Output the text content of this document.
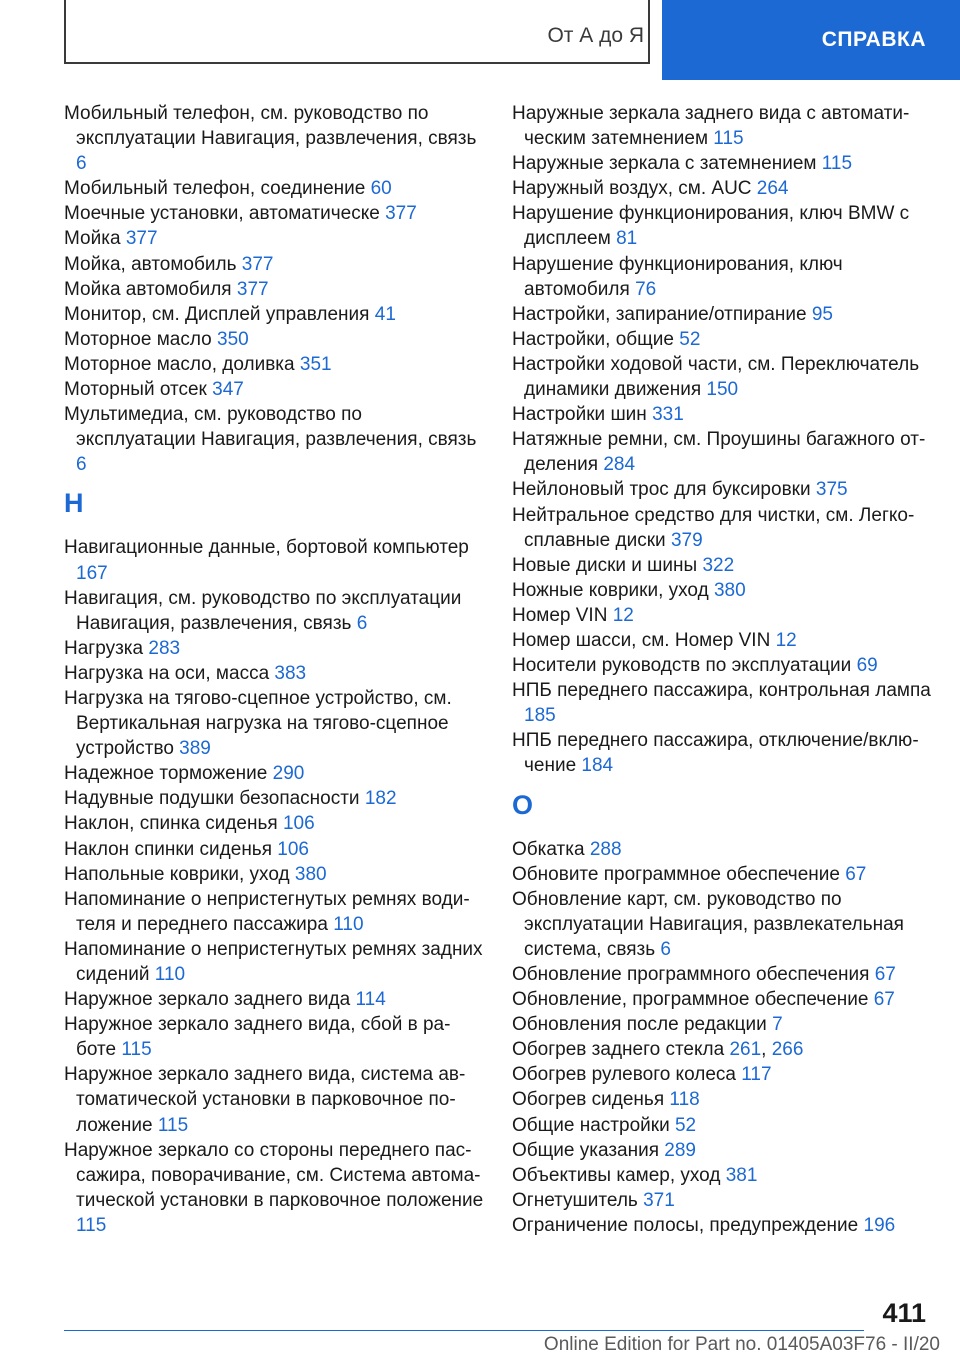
От А до Я	СПРАВКА
Мобильный телефон, см. руководство по эксплуатации Навигация, развлечения, связь 6
Мобильный телефон, соединение 60
Моечные установки, автоматическе 377
Мойка 377
Мойка, автомобиль 377
Мойка автомобиля 377
Монитор, см. Дисплей управления 41
Моторное масло 350
Моторное масло, доливка 351
Моторный отсек 347
Мультимедиа, см. руководство по эксплуатации Навигация, развлечения, связь 6
Н
Навигационные данные, бортовой компьютер 167
Навигация, см. руководство по эксплуатации Навигация, развлечения, связь 6
Нагрузка 283
Нагрузка на оси, масса 383
Нагрузка на тягово-сцепное устройство, см. Вертикальная нагрузка на тягово-сцепное устройство 389
Надежное торможение 290
Надувные подушки безопасности 182
Наклон, спинка сиденья 106
Наклон спинки сиденья 106
Напольные коврики, уход 380
Напоминание о непристегнутых ремнях водителя и переднего пассажира 110
Напоминание о непристегнутых ремнях задних сидений 110
Наружное зеркало заднего вида 114
Наружное зеркало заднего вида, сбой в работе 115
Наружное зеркало заднего вида, система автоматической установки в парковочное положение 115
Наружное зеркало со стороны переднего пассажира, поворачивание, см. Система автоматической установки в парковочное положение 115
Наружные зеркала заднего вида с автоматическим затемнением 115
Наружные зеркала с затемнением 115
Наружный воздух, см. AUC 264
Нарушение функционирования, ключ BMW с дисплеем 81
Нарушение функционирования, ключ автомобиля 76
Настройки, запирание/отпирание 95
Настройки, общие 52
Настройки ходовой части, см. Переключатель динамики движения 150
Настройки шин 331
Натяжные ремни, см. Проушины багажного отделения 284
Нейлоновый трос для буксировки 375
Нейтральное средство для чистки, см. Легкосплавные диски 379
Новые диски и шины 322
Ножные коврики, уход 380
Номер VIN 12
Номер шасси, см. Номер VIN 12
Носители руководств по эксплуатации 69
НПБ переднего пассажира, контрольная лампа 185
НПБ переднего пассажира, отключение/включение 184
О
Обкатка 288
Обновите программное обеспечение 67
Обновление карт, см. руководство по эксплуатации Навигация, развлекательная система, связь 6
Обновление программного обеспечения 67
Обновление, программное обеспечение 67
Обновления после редакции 7
Обогрев заднего стекла 261, 266
Обогрев рулевого колеса 117
Обогрев сиденья 118
Общие настройки 52
Общие указания 289
Объективы камер, уход 381
Огнетушитель 371
Ограничение полосы, предупреждение 196
411
Online Edition for Part no. 01405A03F76 - II/20
